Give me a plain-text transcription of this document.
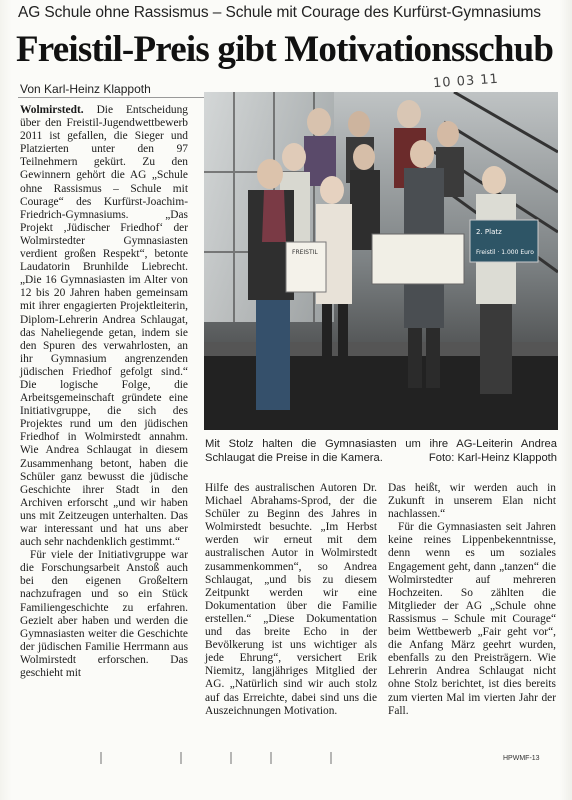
AG Schule ohne Rassismus – Schule mit Courage des Kurfürst-Gymnasiums
Freistil-Preis gibt Motivationsschub
10 03 11
Von Karl-Heinz Klappoth

Wolmirstedt. Die Entscheidung über den Freistil-Jugendwettbewerb 2011 ist gefallen, die Sieger und Platzierten unter den 97 Teilnehmern gekürt. Zu den Gewinnern gehört die AG „Schule ohne Rassismus – Schule mit Courage“ des Kurfürst-Joachim-Friedrich-Gymnasiums. „Das Projekt ‚Jüdischer Friedhof‘ der Wolmirstedter Gymnasiasten verdient großen Respekt“, betonte Laudatorin Brunhilde Liebrecht. „Die 16 Gymnasiasten im Alter von 12 bis 20 Jahren haben gemeinsam mit ihrer engagierten Projektleiterin, Diplom-Lehrerin Andrea Schlaugat, das Naheliegende getan, indem sie den Spuren des verwahrlosten, an ihr Gymnasium angrenzenden jüdischen Friedhof gefolgt sind.“ Die logische Folge, die Arbeitsgemeinschaft gründete eine Initiativgruppe, die sich des Projektes rund um den jüdischen Friedhof in Wolmirstedt annahm. Wie Andrea Schlaugat in diesem Zusammenhang betont, haben die Schüler ganz bewusst die jüdische Geschichte ihrer Stadt in den Archiven erforscht „und wir haben uns mit Zeitzeugen unterhalten. Das war interessant und hat uns aber auch sehr nachdenklich gestimmt.“

Für viele der Initiativgruppe war die Forschungsarbeit Anstoß auch bei den eigenen Großeltern nachzufragen und so ein Stück Familiengeschichte zu erfahren. Gezielt aber haben und werden die Gymnasiasten weiter die Geschichte der jüdischen Familie Herrmann aus Wolmirstedt erforschen. Das geschieht mit

FREISTIL
2. Platz
Freistil · 1.000 Euro
Mit Stolz halten die Gymnasiasten um ihre AG-Leiterin Andrea Schlaugat die Preise in die Kamera.	Foto: Karl-Heinz Klappoth

Hilfe des australischen Autoren Dr. Michael Abrahams-Sprod, der die Schüler zu Beginn des Jahres in Wolmirstedt besuchte. „Im Herbst werden wir erneut mit dem australischen Autor in Wolmirstedt zusammenkommen“, so Andrea Schlaugat, „und bis zu diesem Zeitpunkt werden wir eine Dokumentation über die Familie erstellen.“ „Diese Dokumentation und das breite Echo in der Bevölkerung ist uns wichtiger als jede Ehrung“, versichert Erik Niemitz, langjähriges Mitglied der AG. „Natürlich sind wir auch stolz auf das Erreichte, dabei sind uns die Auszeichnungen Motivation.

Das heißt, wir werden auch in Zukunft in unserem Elan nicht nachlassen.“

Für die Gymnasiasten seit Jahren keine reines Lippenbekenntnisse, denn wenn es um soziales Engagement geht, dann „tanzen“ die Wolmirstedter auf mehreren Hochzeiten. So zählten die Mitglieder der AG „Schule ohne Rassismus – Schule mit Courage“ beim Wettbewerb „Fair geht vor“, die Anfang März geehrt wurden, ebenfalls zu den Preisträgern. Wie Lehrerin Andrea Schlaugat nicht ohne Stolz berichtet, ist dies bereits zum vierten Mal im vierten Jahr der Fall.

HPWMF-13
